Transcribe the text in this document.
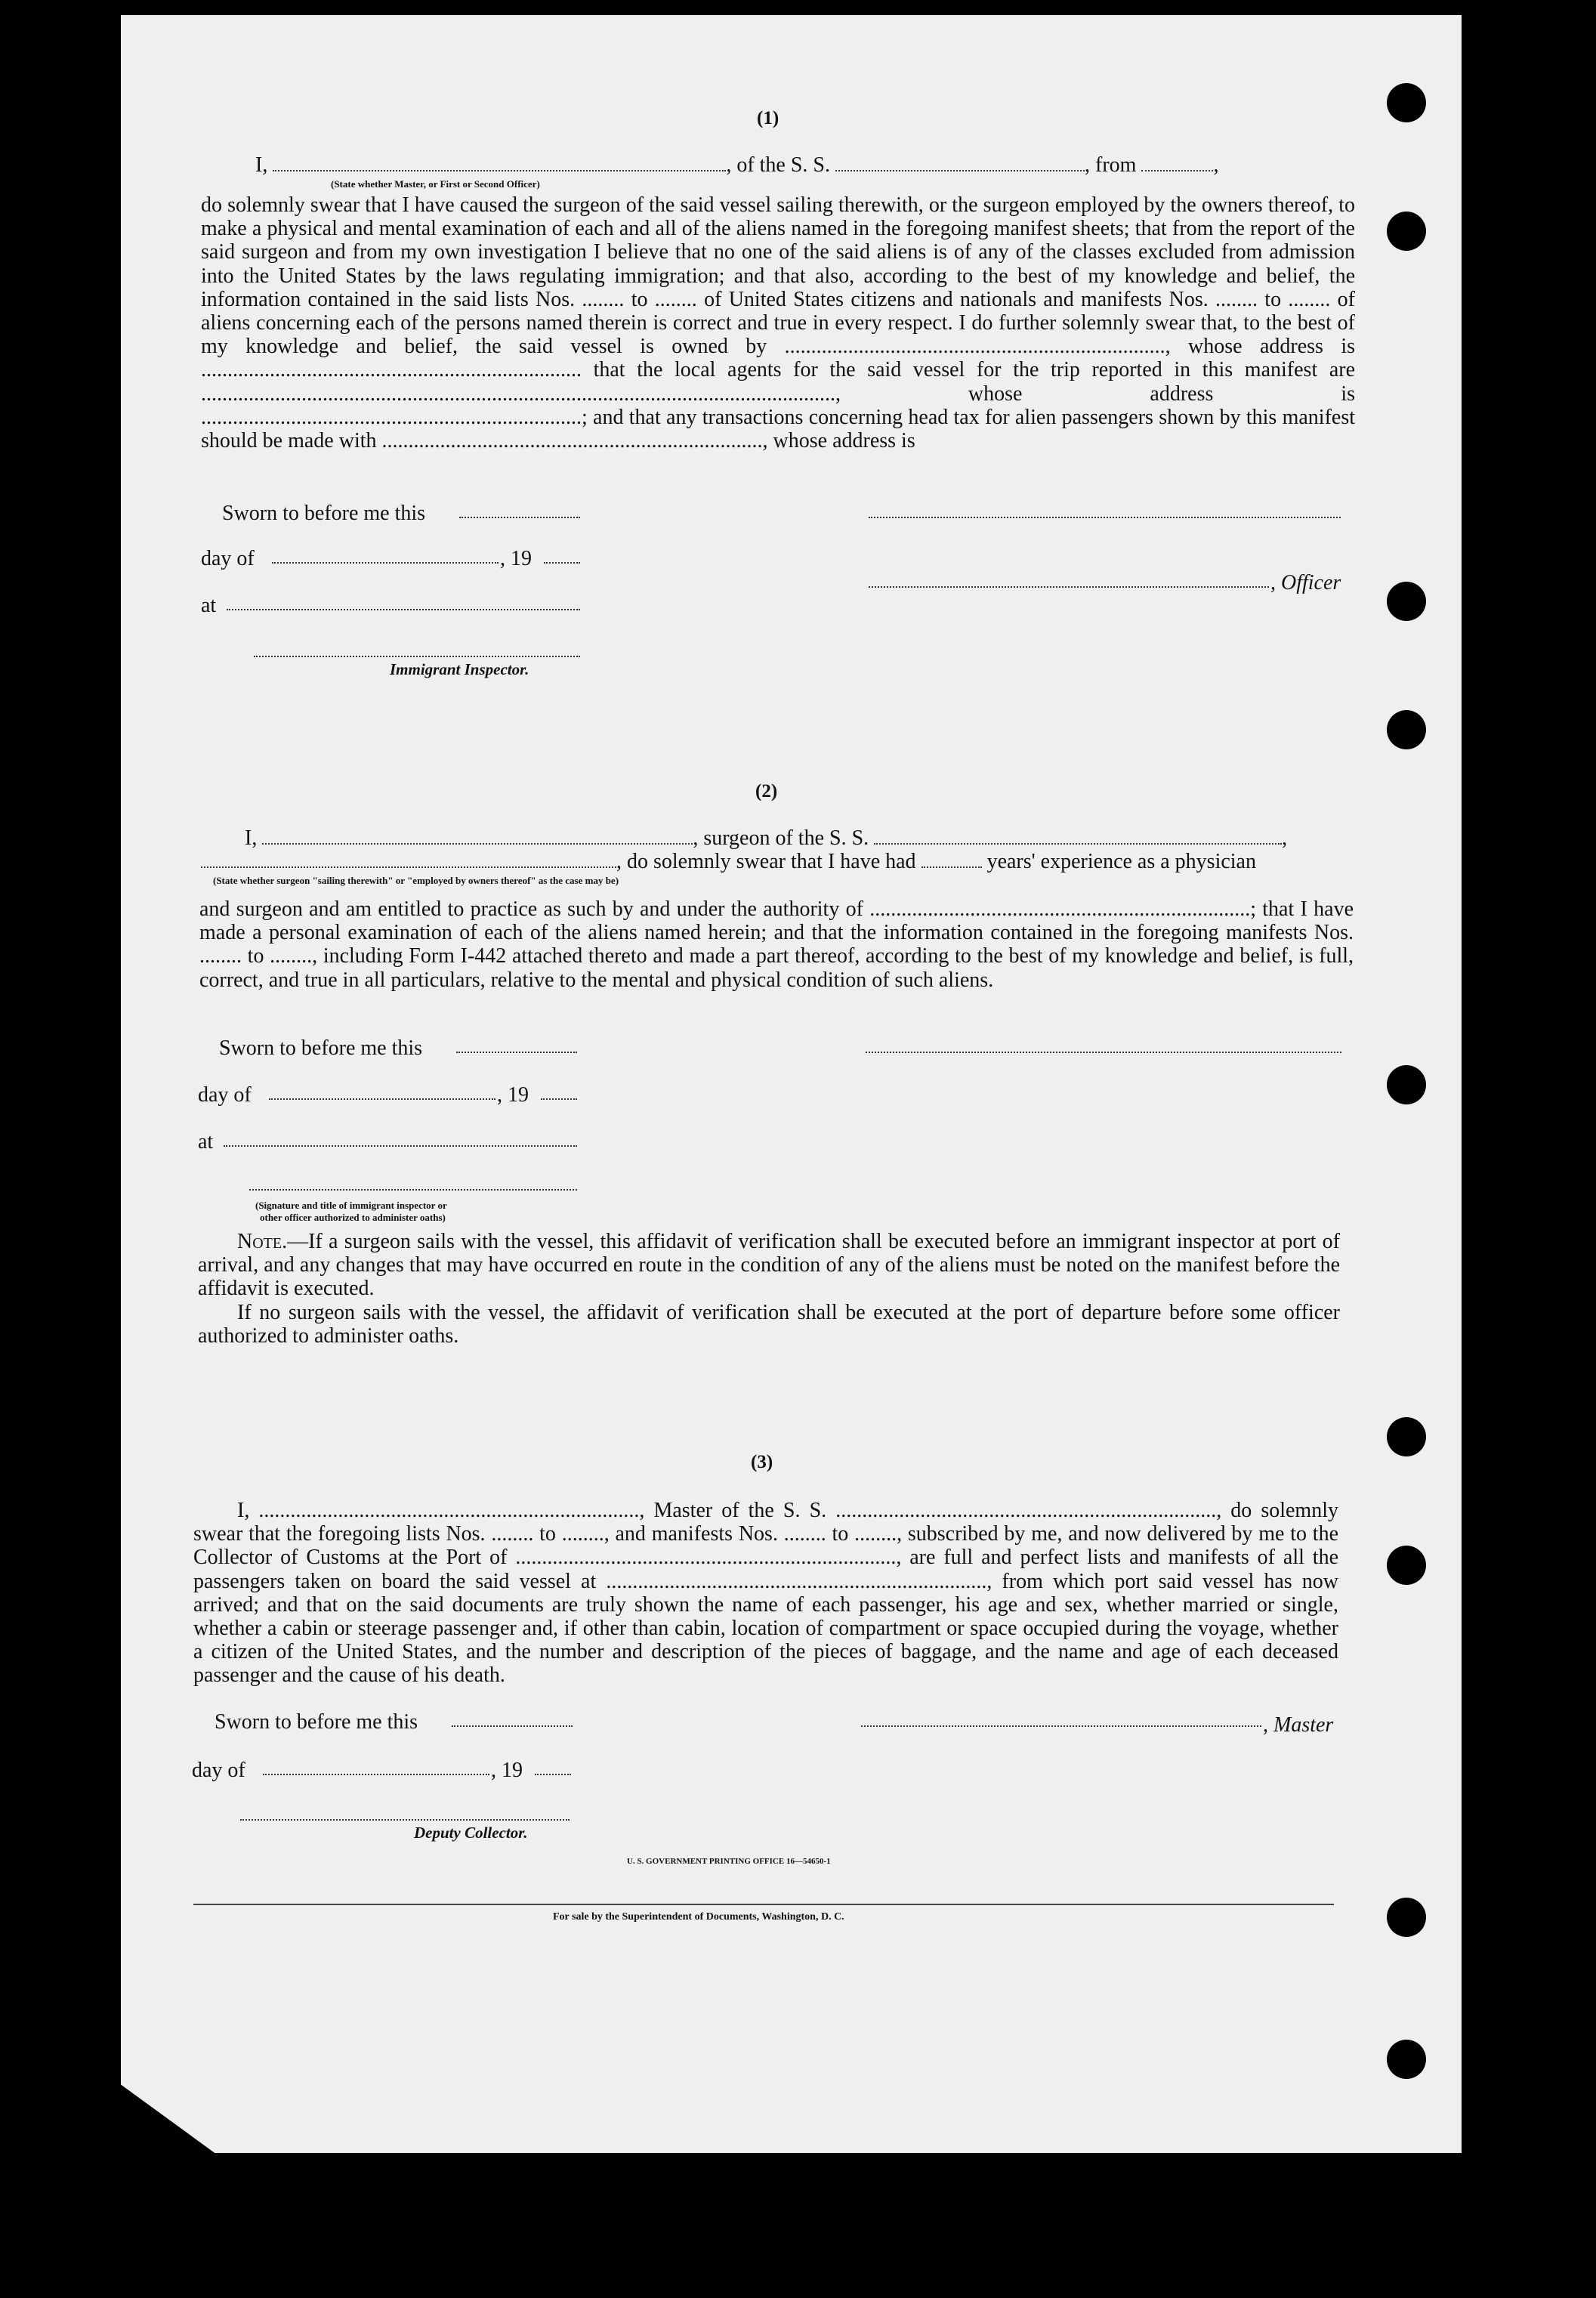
(1)
I,	, of the S. S.	, from	,
(State whether Master, or First or Second Officer)
do solemnly swear that I have caused the surgeon of the said vessel sailing therewith, or the surgeon employed by the owners thereof, to make a physical and mental examination of each and all of the aliens named in the foregoing manifest sheets; that from the report of the said surgeon and from my own investigation I believe that no one of the said aliens is of any of the classes excluded from admission into the United States by the laws regulating immigration; and that also, according to the best of my knowledge and belief, the information contained in the said lists Nos. ........ to ........ of United States citizens and nationals and manifests Nos. ........ to ........ of aliens concerning each of the persons named therein is correct and true in every respect. I do further solemnly swear that, to the best of my knowledge and belief, the said vessel is owned by ........................................................................, whose address is ........................................................................ that the local agents for the said vessel for the trip reported in this manifest are ........................................................................................................................, whose address is ........................................................................; and that any transactions concerning head tax for alien passengers shown by this manifest should be made with ........................................................................, whose address is
Sworn to before me this
day of	, 19
, Officer
at
Immigrant Inspector.
(2)
I,	, surgeon of the S. S.	,
, do solemnly swear that I have had	years' experience as a physician
(State whether surgeon "sailing therewith" or "employed by owners thereof" as the case may be)
and surgeon and am entitled to practice as such by and under the authority of ........................................................................; that I have made a personal examination of each of the aliens named herein; and that the information contained in the foregoing manifests Nos. ........ to ........, including Form I-442 attached thereto and made a part thereof, according to the best of my knowledge and belief, is full, correct, and true in all particulars, relative to the mental and physical condition of such aliens.
Sworn to before me this
day of	, 19
at
(Signature and title of immigrant inspector or
other officer authorized to administer oaths)
Note.—If a surgeon sails with the vessel, this affidavit of verification shall be executed before an immigrant inspector at port of arrival, and any changes that may have occurred en route in the condition of any of the aliens must be noted on the manifest before the affidavit is executed.
If no surgeon sails with the vessel, the affidavit of verification shall be executed at the port of departure before some officer authorized to administer oaths.
(3)
I, ........................................................................, Master of the S. S. ........................................................................, do solemnly swear that the foregoing lists Nos. ........ to ........, and manifests Nos. ........ to ........, subscribed by me, and now delivered by me to the Collector of Customs at the Port of ........................................................................, are full and perfect lists and manifests of all the passengers taken on board the said vessel at ........................................................................, from which port said vessel has now arrived; and that on the said documents are truly shown the name of each passenger, his age and sex, whether married or single, whether a cabin or steerage passenger and, if other than cabin, location of compartment or space occupied during the voyage, whether a citizen of the United States, and the number and description of the pieces of baggage, and the name and age of each deceased passenger and the cause of his death.
Sworn to before me this	, Master
day of	, 19
Deputy Collector.
U. S. GOVERNMENT PRINTING OFFICE 16—54650-1
For sale by the Superintendent of Documents, Washington, D. C.
